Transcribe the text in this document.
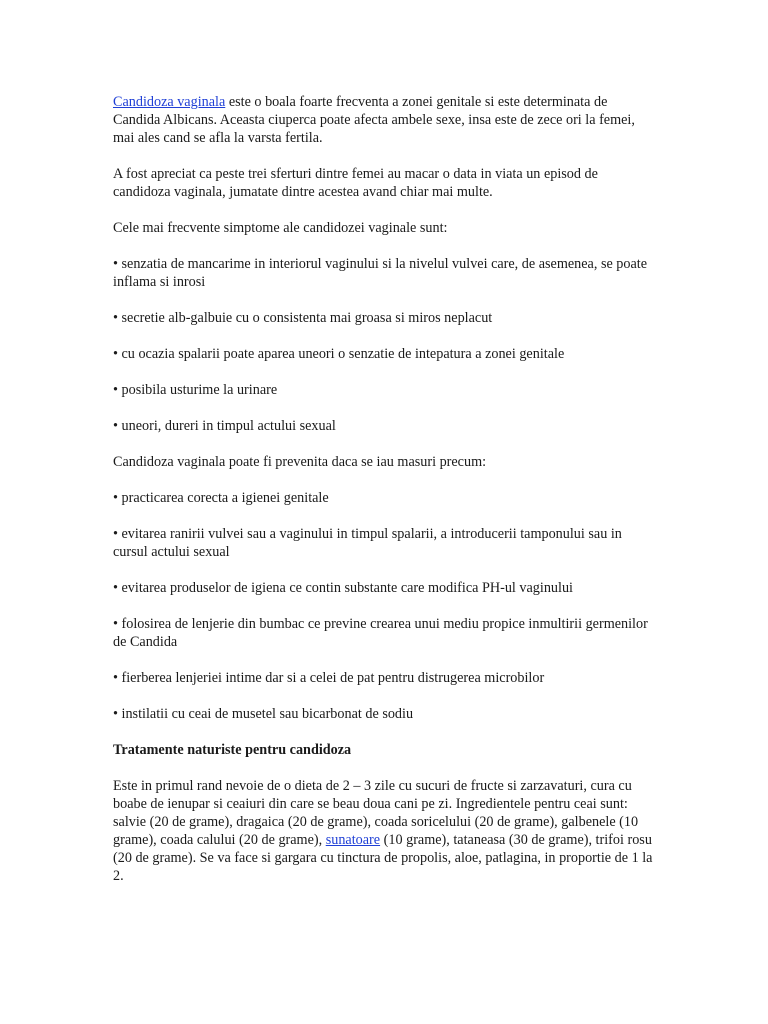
Candidoza vaginala este o boala foarte frecventa a zonei genitale si este determinata de Candida Albicans. Aceasta ciuperca poate afecta ambele sexe, insa este de zece ori la femei, mai ales cand se afla la varsta fertila.

A fost apreciat ca peste trei sferturi dintre femei au macar o data in viata un episod de candidoza vaginala, jumatate dintre acestea avand chiar mai multe.

Cele mai frecvente simptome ale candidozei vaginale sunt:

• senzatia de mancarime in interiorul vaginului si la nivelul vulvei care, de asemenea, se poate inflama si inrosi

• secretie alb-galbuie cu o consistenta mai groasa si miros neplacut

• cu ocazia spalarii poate aparea uneori o senzatie de intepatura a zonei genitale

• posibila usturime la urinare

• uneori, dureri in timpul actului sexual

Candidoza vaginala poate fi prevenita daca se iau masuri precum:

• practicarea corecta a igienei genitale

• evitarea ranirii vulvei sau a vaginului in timpul spalarii, a introducerii tamponului sau in cursul actului sexual

• evitarea produselor de igiena ce contin substante care modifica PH-ul vaginului

• folosirea de lenjerie din bumbac ce previne crearea unui mediu propice inmultirii germenilor de Candida

• fierberea lenjeriei intime dar si a celei de pat pentru distrugerea microbilor

• instilatii cu ceai de musetel sau bicarbonat de sodiu

Tratamente naturiste pentru candidoza

Este in primul rand nevoie de o dieta de 2 – 3 zile cu sucuri de fructe si zarzavaturi, cura cu boabe de ienupar si ceaiuri din care se beau doua cani pe zi. Ingredientele pentru ceai sunt: salvie (20 de grame), dragaica (20 de grame), coada soricelului (20 de grame), galbenele (10 grame), coada calului (20 de grame), sunatoare (10 grame), tataneasa (30 de grame), trifoi rosu (20 de grame). Se va face si gargara cu tinctura de propolis, aloe, patlagina, in proportie de 1 la 2.
